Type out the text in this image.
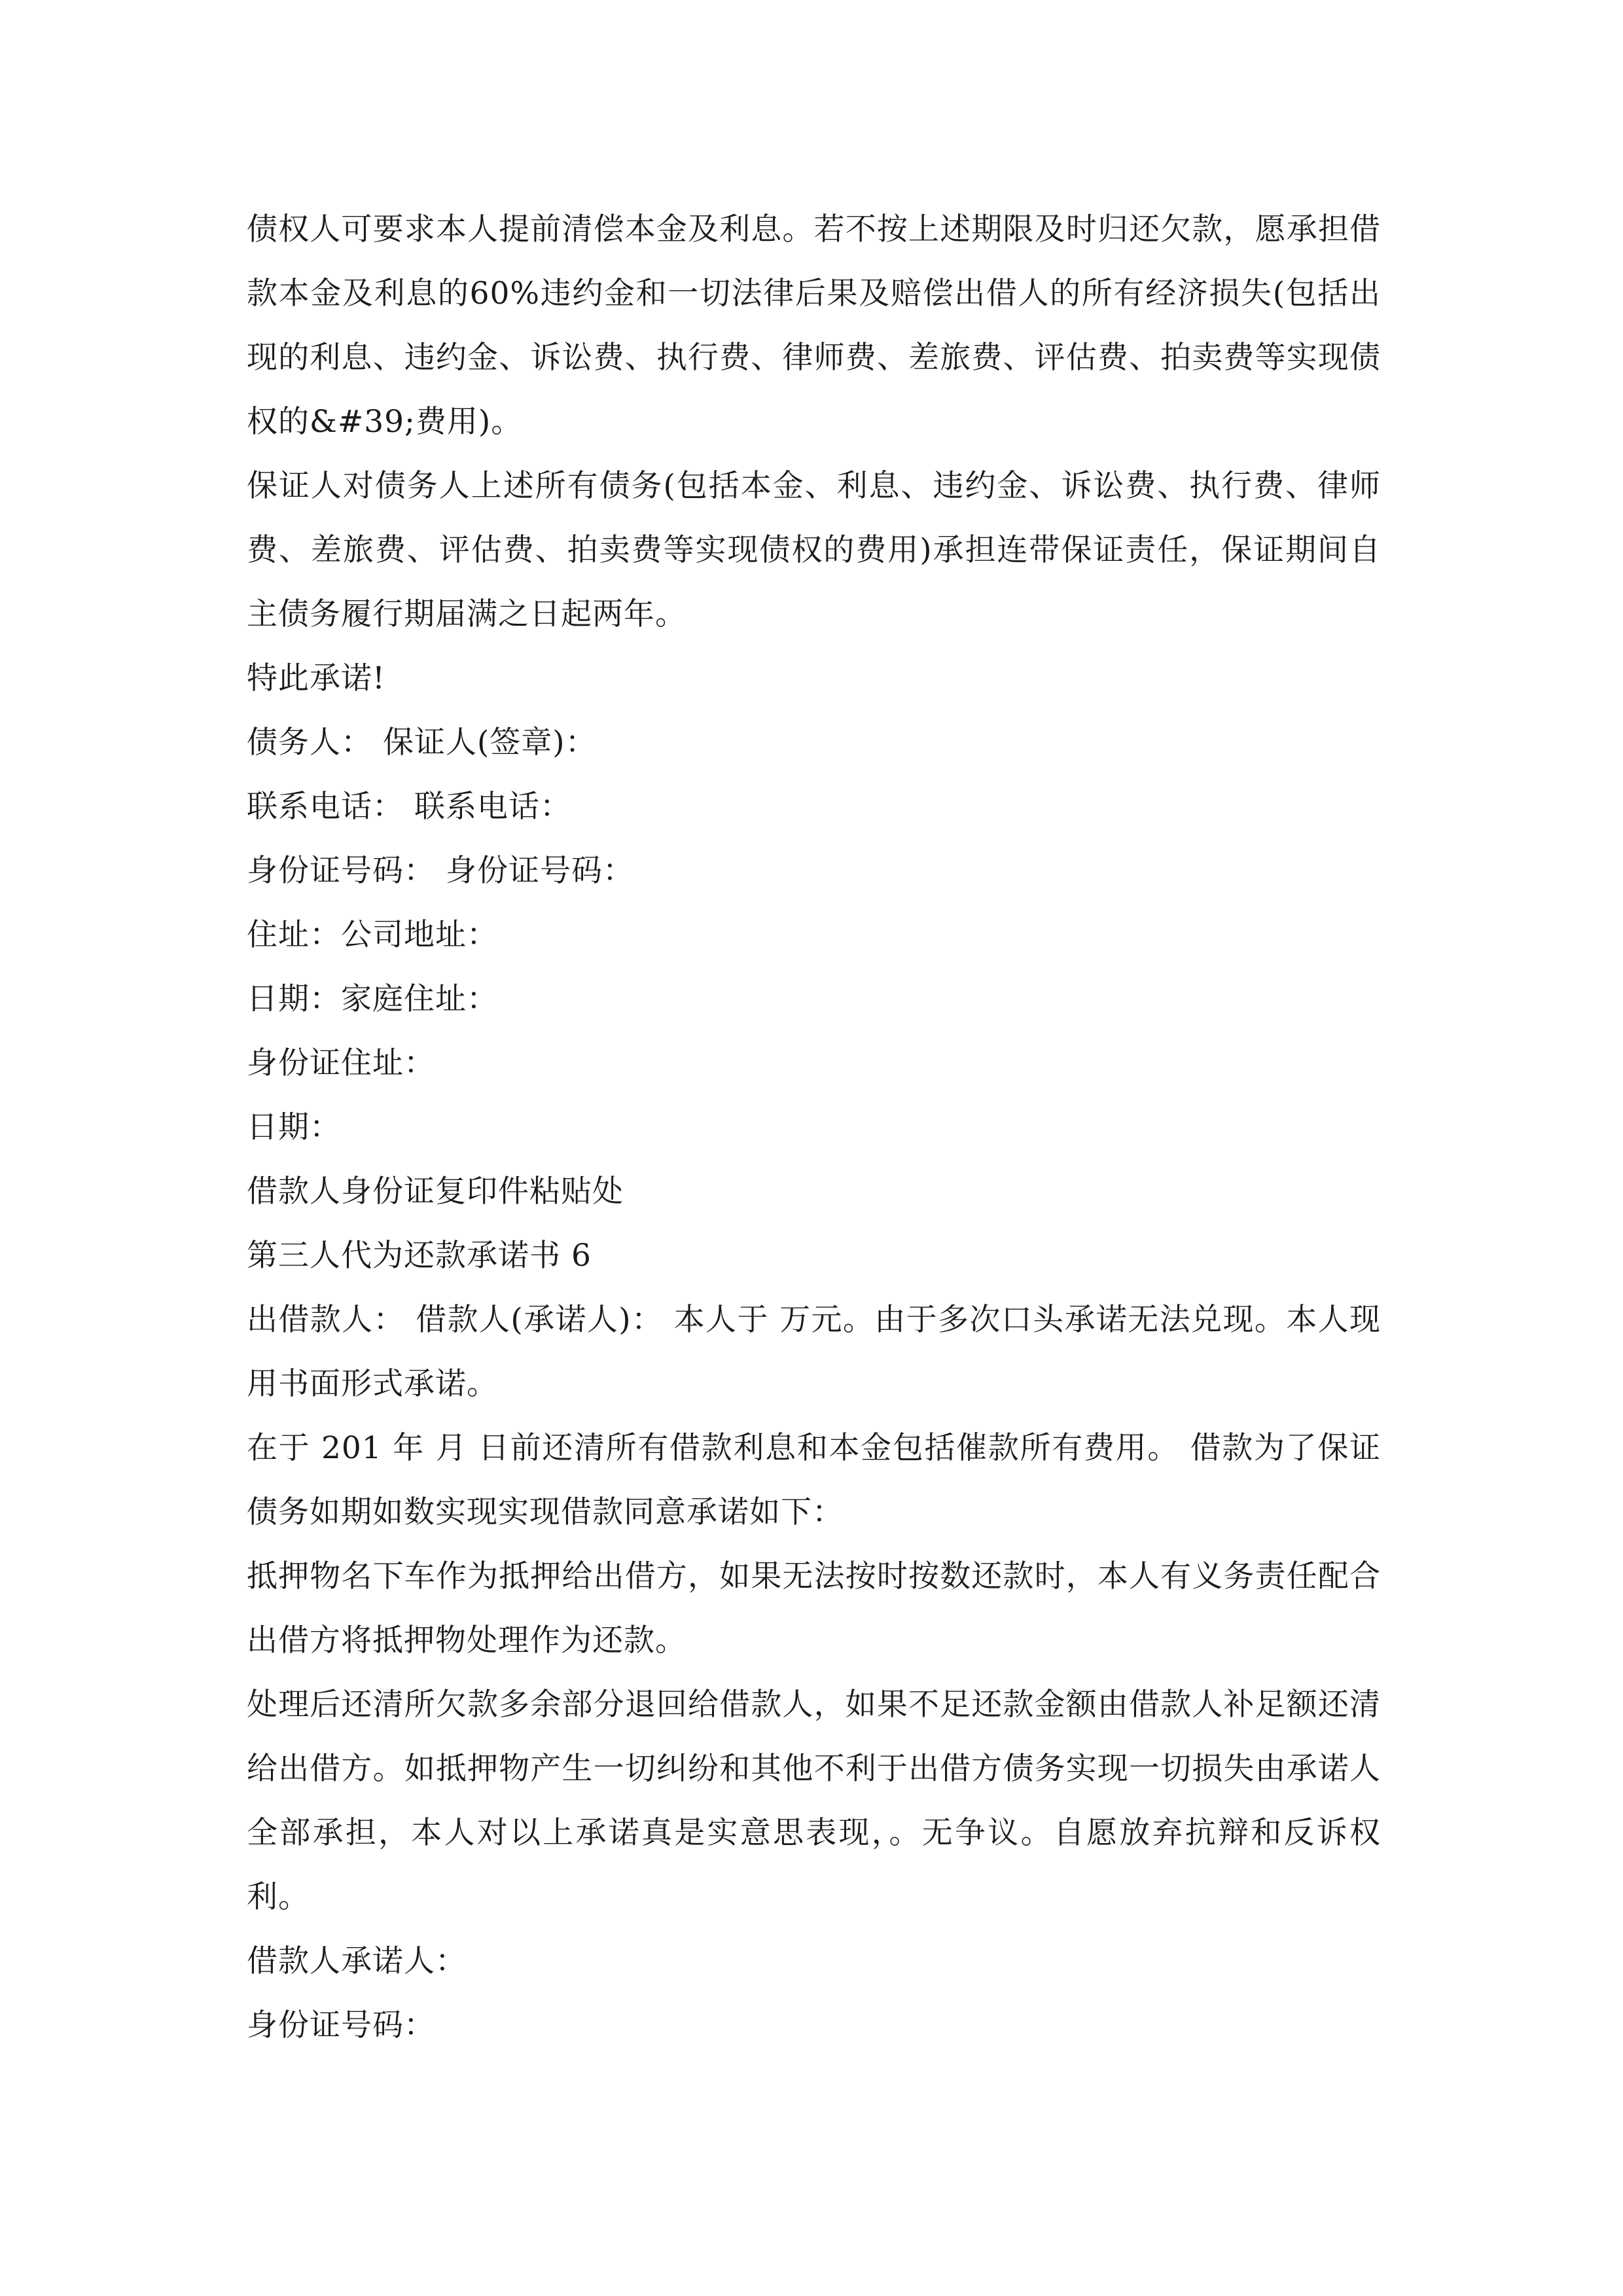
债权人可要求本人提前清偿本金及利息。若不按上述期限及时归还欠款，愿承担借款本金及利息的60%违约金和一切法律后果及赔偿出借人的所有经济损失(包括出现的利息、违约金、诉讼费、执行费、律师费、差旅费、评估费、拍卖费等实现债权的&#39;费用)。

保证人对债务人上述所有债务(包括本金、利息、违约金、诉讼费、执行费、律师费、差旅费、评估费、拍卖费等实现债权的费用)承担连带保证责任，保证期间自主债务履行期届满之日起两年。

特此承诺!

债务人： 保证人(签章)：

联系电话： 联系电话：

身份证号码： 身份证号码：

住址：公司地址：

日期：家庭住址：

身份证住址：

日期：

借款人身份证复印件粘贴处

第三人代为还款承诺书 6

出借款人： 借款人(承诺人)： 本人于 万元。由于多次口头承诺无法兑现。本人现用书面形式承诺。

在于 201 年 月 日前还清所有借款利息和本金包括催款所有费用。 借款为了保证债务如期如数实现实现借款同意承诺如下：

抵押物名下车作为抵押给出借方，如果无法按时按数还款时，本人有义务责任配合出借方将抵押物处理作为还款。

处理后还清所欠款多余部分退回给借款人，如果不足还款金额由借款人补足额还清给出借方。如抵押物产生一切纠纷和其他不利于出借方债务实现一切损失由承诺人全部承担，本人对以上承诺真是实意思表现，。无争议。自愿放弃抗辩和反诉权利。

借款人承诺人：

身份证号码：
